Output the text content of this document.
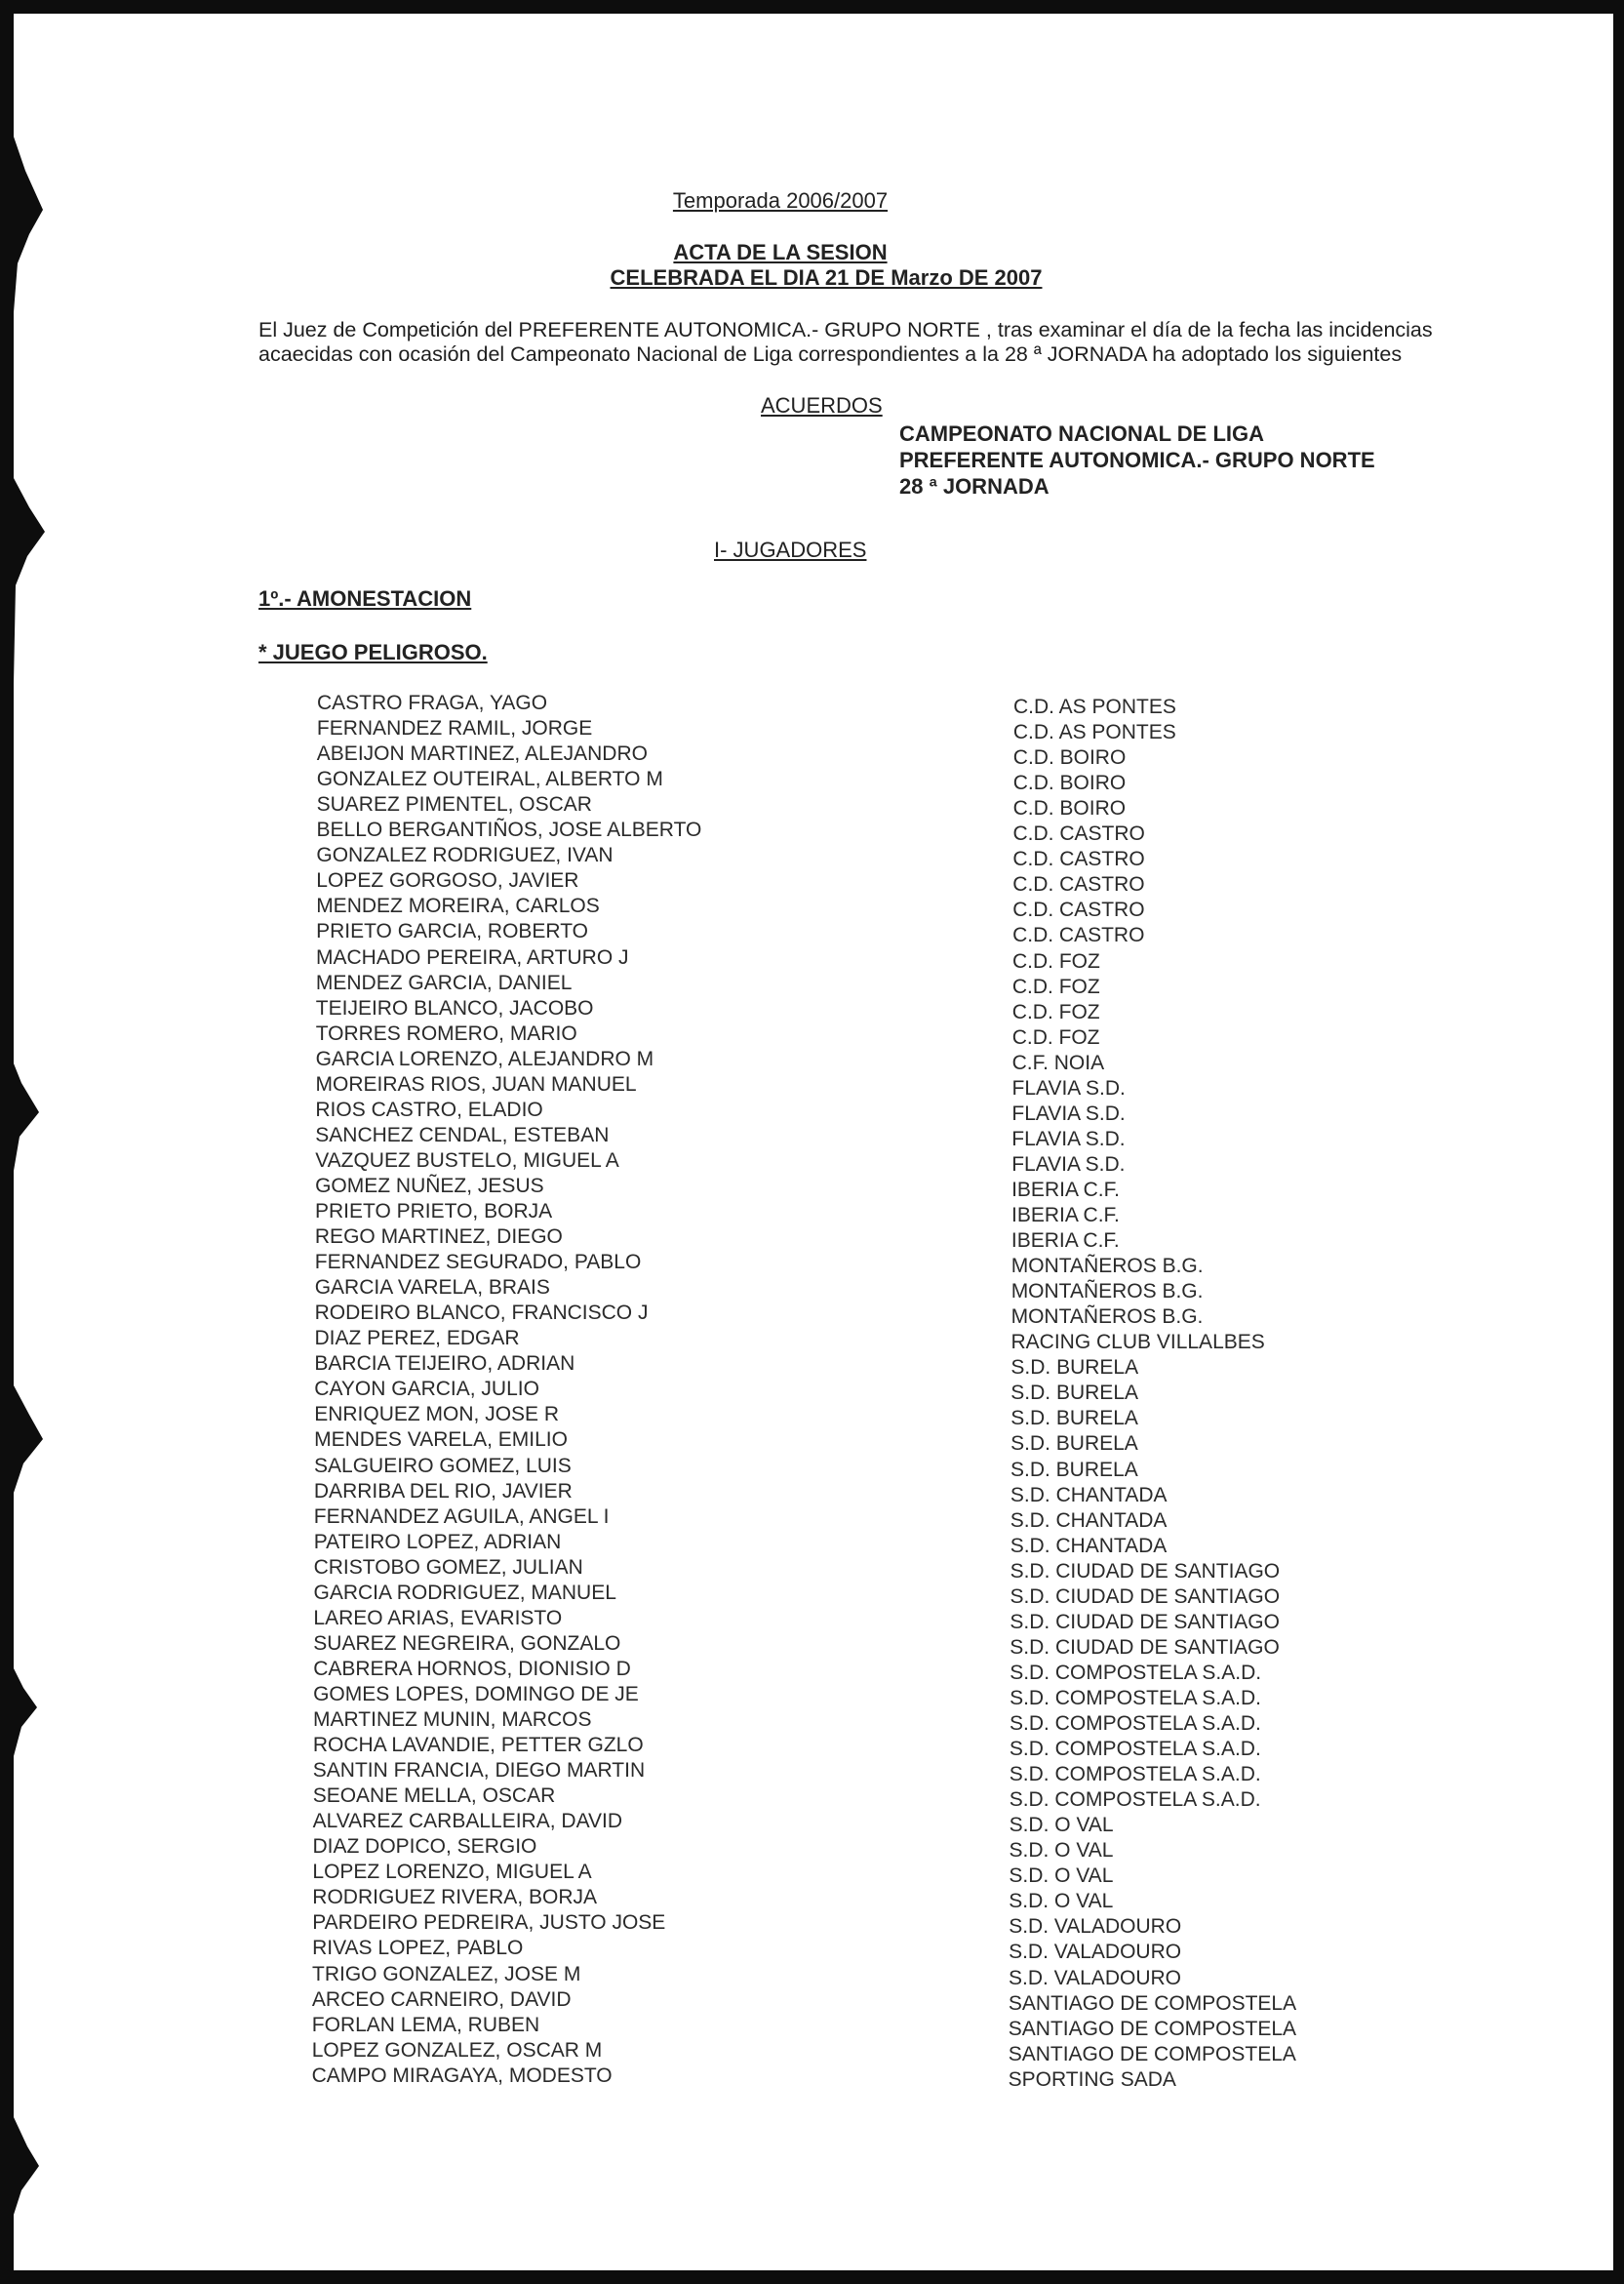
Temporada 2006/2007
ACTA DE LA SESION
CELEBRADA EL DIA 21 DE Marzo DE 2007
El Juez de Competición del PREFERENTE AUTONOMICA.- GRUPO NORTE , tras examinar el día de la fecha las incidencias
acaecidas con ocasión del Campeonato Nacional de Liga correspondientes a la 28 ª JORNADA ha adoptado los siguientes
ACUERDOS
CAMPEONATO NACIONAL DE LIGA
PREFERENTE AUTONOMICA.- GRUPO NORTE
28 ª JORNADA
I- JUGADORES
1º.- AMONESTACION
* JUEGO PELIGROSO.
CASTRO FRAGA, YAGO	C.D. AS PONTES
FERNANDEZ RAMIL, JORGE	C.D. AS PONTES
ABEIJON MARTINEZ, ALEJANDRO	C.D. BOIRO
GONZALEZ OUTEIRAL, ALBERTO M	C.D. BOIRO
SUAREZ PIMENTEL, OSCAR	C.D. BOIRO
BELLO BERGANTIÑOS, JOSE ALBERTO	C.D. CASTRO
GONZALEZ RODRIGUEZ, IVAN	C.D. CASTRO
LOPEZ GORGOSO, JAVIER	C.D. CASTRO
MENDEZ MOREIRA, CARLOS	C.D. CASTRO
PRIETO GARCIA, ROBERTO	C.D. CASTRO
MACHADO PEREIRA, ARTURO J	C.D. FOZ
MENDEZ GARCIA, DANIEL	C.D. FOZ
TEIJEIRO BLANCO, JACOBO	C.D. FOZ
TORRES ROMERO, MARIO	C.D. FOZ
GARCIA LORENZO, ALEJANDRO M	C.F. NOIA
MOREIRAS RIOS, JUAN MANUEL	FLAVIA S.D.
RIOS CASTRO, ELADIO	FLAVIA S.D.
SANCHEZ CENDAL, ESTEBAN	FLAVIA S.D.
VAZQUEZ BUSTELO, MIGUEL A	FLAVIA S.D.
GOMEZ NUÑEZ, JESUS	IBERIA C.F.
PRIETO PRIETO, BORJA	IBERIA C.F.
REGO MARTINEZ, DIEGO	IBERIA C.F.
FERNANDEZ SEGURADO, PABLO	MONTAÑEROS B.G.
GARCIA VARELA, BRAIS	MONTAÑEROS B.G.
RODEIRO BLANCO, FRANCISCO J	MONTAÑEROS B.G.
DIAZ PEREZ, EDGAR	RACING CLUB VILLALBES
BARCIA TEIJEIRO, ADRIAN	S.D. BURELA
CAYON GARCIA, JULIO	S.D. BURELA
ENRIQUEZ MON, JOSE R	S.D. BURELA
MENDES VARELA, EMILIO	S.D. BURELA
SALGUEIRO GOMEZ, LUIS	S.D. BURELA
DARRIBA DEL RIO, JAVIER	S.D. CHANTADA
FERNANDEZ AGUILA, ANGEL I	S.D. CHANTADA
PATEIRO LOPEZ, ADRIAN	S.D. CHANTADA
CRISTOBO GOMEZ, JULIAN	S.D. CIUDAD DE SANTIAGO
GARCIA RODRIGUEZ, MANUEL	S.D. CIUDAD DE SANTIAGO
LAREO ARIAS, EVARISTO	S.D. CIUDAD DE SANTIAGO
SUAREZ NEGREIRA, GONZALO	S.D. CIUDAD DE SANTIAGO
CABRERA HORNOS, DIONISIO D	S.D. COMPOSTELA S.A.D.
GOMES LOPES, DOMINGO DE JE	S.D. COMPOSTELA S.A.D.
MARTINEZ MUNIN, MARCOS	S.D. COMPOSTELA S.A.D.
ROCHA LAVANDIE, PETTER GZLO	S.D. COMPOSTELA S.A.D.
SANTIN FRANCIA, DIEGO MARTIN	S.D. COMPOSTELA S.A.D.
SEOANE MELLA, OSCAR	S.D. COMPOSTELA S.A.D.
ALVAREZ CARBALLEIRA, DAVID	S.D. O VAL
DIAZ DOPICO, SERGIO	S.D. O VAL
LOPEZ LORENZO, MIGUEL A	S.D. O VAL
RODRIGUEZ RIVERA, BORJA	S.D. O VAL
PARDEIRO PEDREIRA, JUSTO JOSE	S.D. VALADOURO
RIVAS LOPEZ, PABLO	S.D. VALADOURO
TRIGO GONZALEZ, JOSE M	S.D. VALADOURO
ARCEO CARNEIRO, DAVID	SANTIAGO DE COMPOSTELA
FORLAN LEMA, RUBEN	SANTIAGO DE COMPOSTELA
LOPEZ GONZALEZ, OSCAR M	SANTIAGO DE COMPOSTELA
CAMPO MIRAGAYA, MODESTO	SPORTING SADA
